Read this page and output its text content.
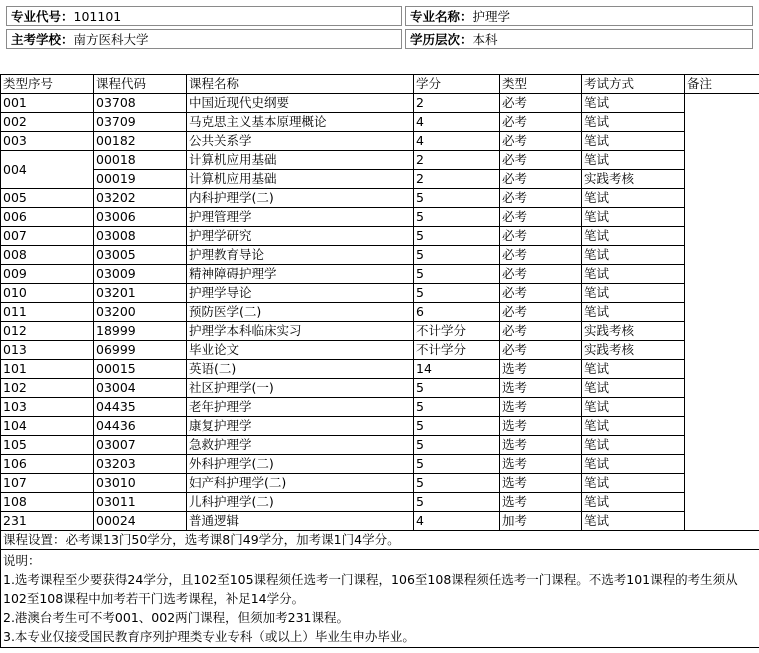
专业代号：101101	专业名称：护理学
主考学校：南方医科大学	学历层次：本科
类型序号	课程代码	课程名称	学分	类型	考试方式	备注
001	03708	中国近现代史纲要	2	必考	笔试	
002	03709	马克思主义基本原理概论	4	必考	笔试	
003	00182	公共关系学	4	必考	笔试	
004	00018	计算机应用基础	2	必考	笔试	
	00019	计算机应用基础	2	必考	实践考核	
005	03202	内科护理学(二)	5	必考	笔试	
006	03006	护理管理学	5	必考	笔试	
007	03008	护理学研究	5	必考	笔试	
008	03005	护理教育导论	5	必考	笔试	
009	03009	精神障碍护理学	5	必考	笔试	
010	03201	护理学导论	5	必考	笔试	
011	03200	预防医学(二)	6	必考	笔试	
012	18999	护理学本科临床实习	不计学分	必考	实践考核	
013	06999	毕业论文	不计学分	必考	实践考核	
101	00015	英语(二)	14	选考	笔试	
102	03004	社区护理学(一)	5	选考	笔试	
103	04435	老年护理学	5	选考	笔试	
104	04436	康复护理学	5	选考	笔试	
105	03007	急救护理学	5	选考	笔试	
106	03203	外科护理学(二)	5	选考	笔试	
107	03010	妇产科护理学(二)	5	选考	笔试	
108	03011	儿科护理学(二)	5	选考	笔试	
231	00024	普通逻辑	4	加考	笔试	
课程设置：必考课13门50学分，选考课8门49学分，加考课1门4学分。						

说明：
1.选考课程至少要获得24学分，且102至105课程须任选考一门课程，106至108课程须任选考一门课程。不选考101课程的考生须从102至108课程中加考若干门选考课程，补足14学分。
2.港澳台考生可不考001、002两门课程，但须加考231课程。
3.本专业仅接受国民教育序列护理类专业专科（或以上）毕业生申办毕业。						
